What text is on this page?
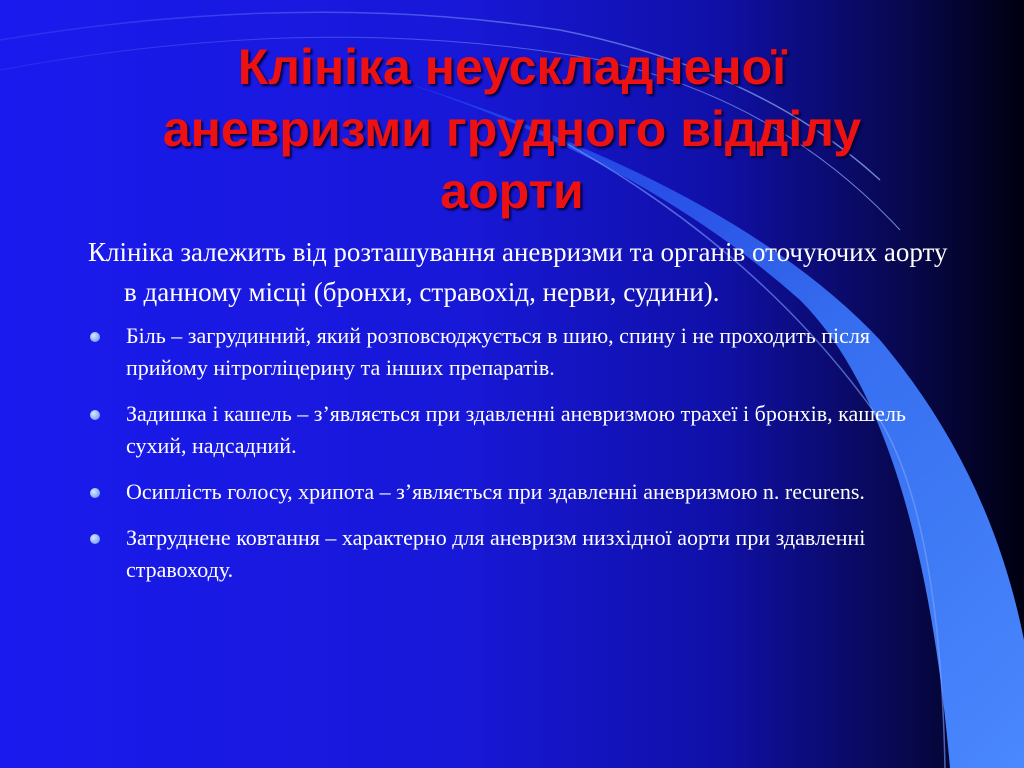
Клініка неускладненої
аневризми грудного відділу
аорти

Клініка залежить від розташування аневризми та органів оточуючих аорту в данному місці (бронхи, стравохід, нерви, судини).

Біль – загрудинний, який розповсюджується в шию, спину і не проходить після прийому нітрогліцерину та інших препаратів.
Задишка і кашель – з’являється при здавленні аневризмою трахеї і бронхів, кашель сухий, надсадний.
Осиплість голосу, хрипота – з’являється при здавленні аневризмою n. recurens.
Затруднене ковтання – характерно для аневризм низхідної аорти при здавленні стравоходу.
